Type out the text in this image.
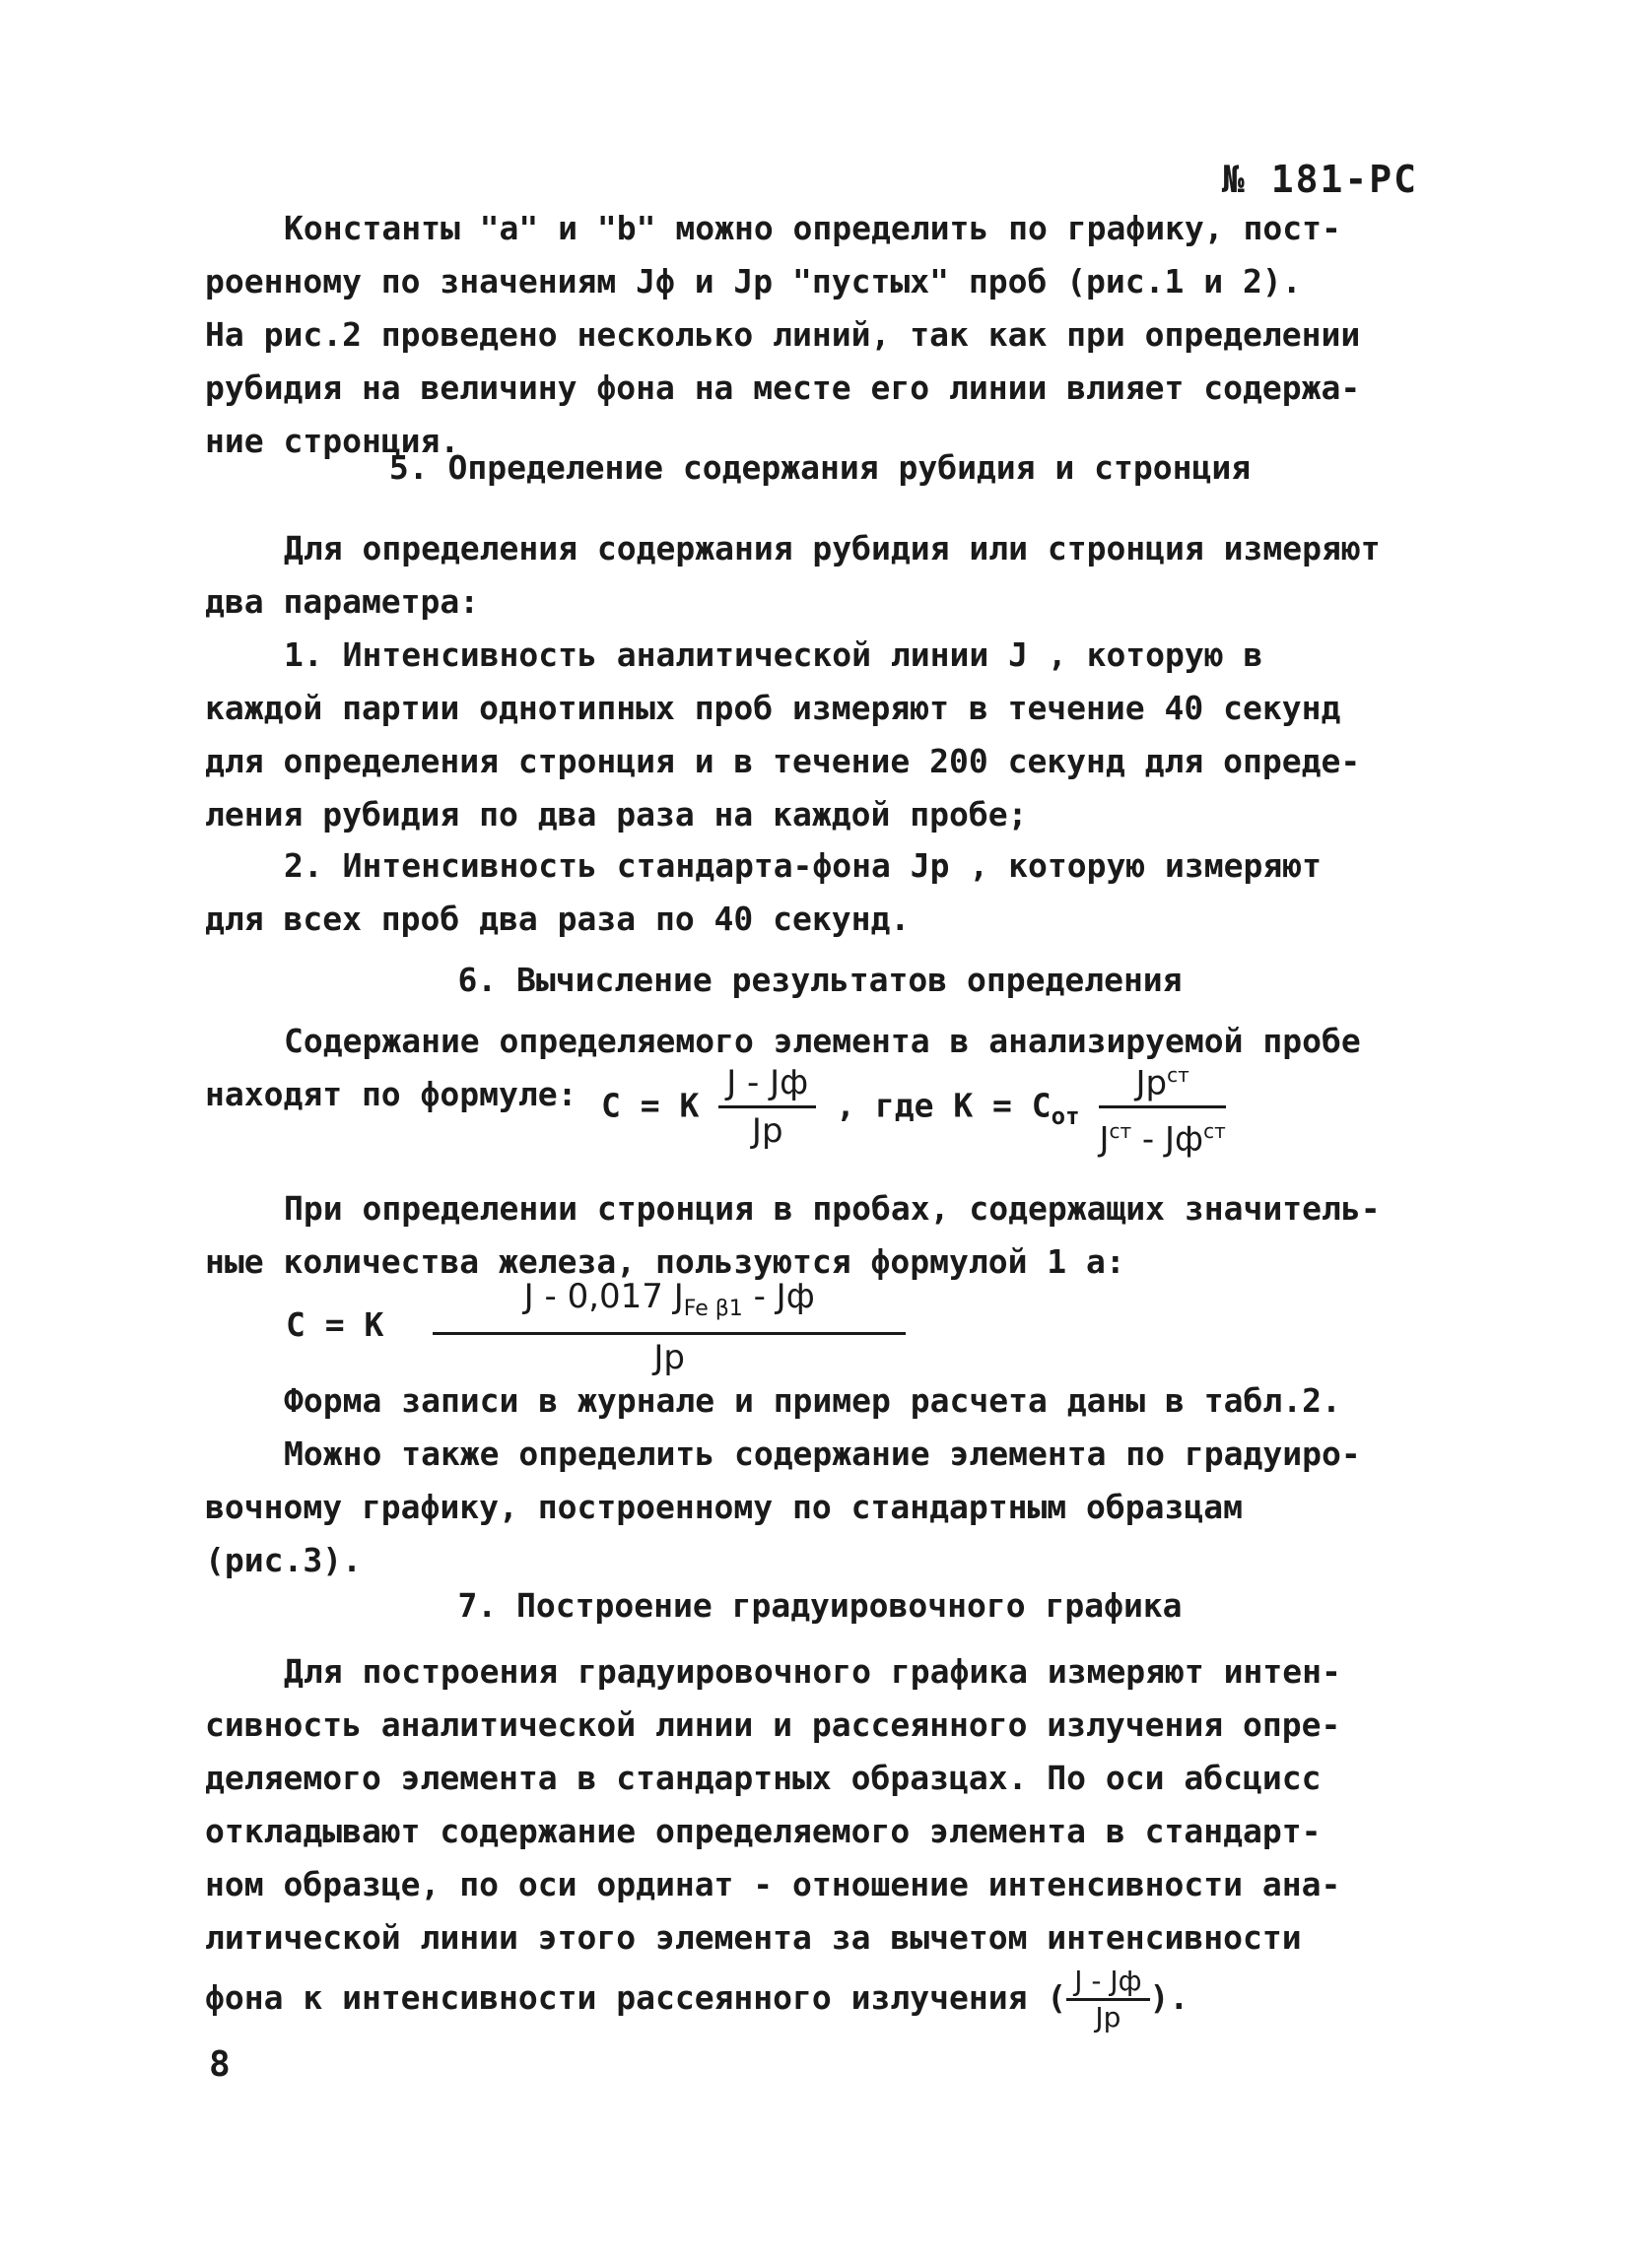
№ 181-РС
Константы "a" и "b" можно определить по графику, пост-
роенному по значениям Jф и Jр "пустых" проб (рис.1 и 2).
На рис.2 проведено несколько линий, так как при определении
рубидия на величину фона на месте его линии влияет содержа-
ние стронция.
5. Определение содержания рубидия и стронция
Для определения содержания рубидия или стронция измеряют
два параметра:
1. Интенсивность аналитической линии J , которую в
каждой партии однотипных проб измеряют в течение 40 секунд
для определения стронция и в течение 200 секунд для опреде-
ления рубидия по два раза на каждой пробе;
2. Интенсивность стандарта-фона Jр , которую измеряют
для всех проб два раза по 40 секунд.
6. Вычисление результатов определения
Содержание определяемого элемента в анализируемой пробе
находят по формуле: C = K $\frac{J - Jф}{Jр}$ , где $К = C_{от} \frac{Jр^{ст}}{J^{ст} - Jф^{ст}}$
При определении стронция в пробах, содержащих значитель-
ные количества железа, пользуются формулой 1 а:
C = K $\frac{J - 0,017 J_{Fe \beta 1} - Jф}{Jр}$
Форма записи в журнале и пример расчета даны в табл.2.
Можно также определить содержание элемента по градуиро-
вочному графику, построенному по стандартным образцам
(рис.3).
7. Построение градуировочного графика
Для построения градуировочного графика измеряют интен-
сивность аналитической линии и рассеянного излучения опре-
деляемого элемента в стандартных образцах. По оси абсцисс
откладывают содержание определяемого элемента в стандарт-
ном образце, по оси ординат - отношение интенсивности ана-
литической линии этого элемента за вычетом интенсивности
фона к интенсивности рассеянного излучения ( $\frac{J - Jф}{Jр}$ ).
8
